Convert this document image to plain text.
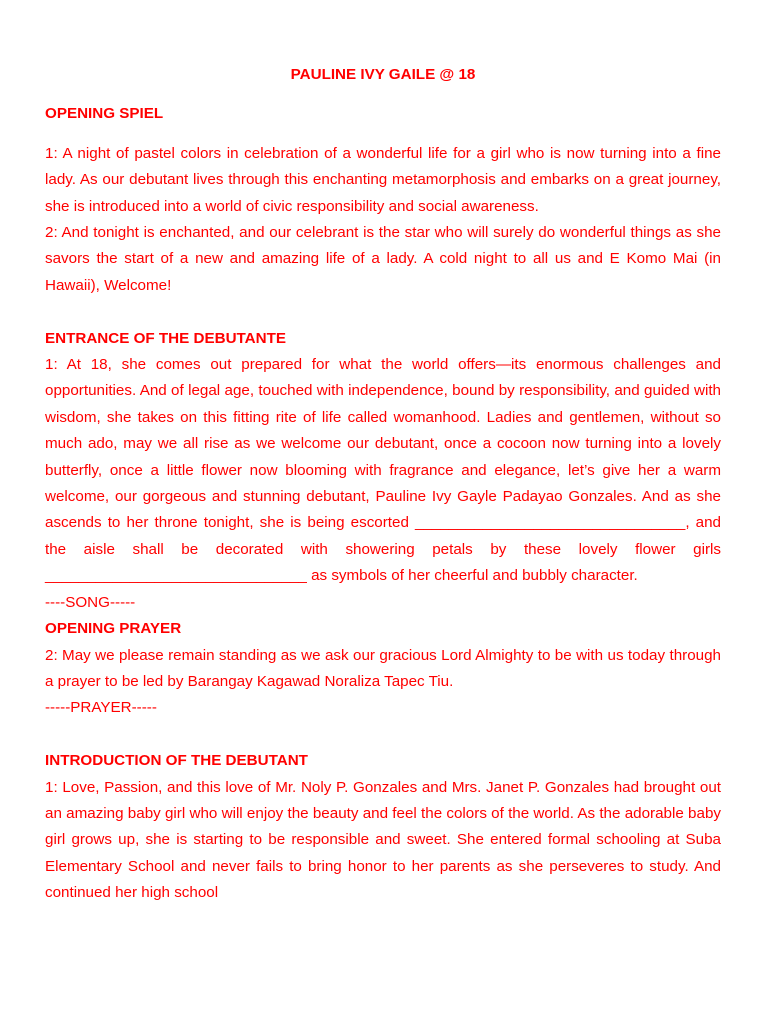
PAULINE IVY GAILE @ 18
OPENING SPIEL

1: A night of pastel colors in celebration of a wonderful life for a girl who is now turning into a fine lady. As our debutant lives through this enchanting metamorphosis and embarks on a great journey, she is introduced into a world of civic responsibility and social awareness.

2: And tonight is enchanted, and our celebrant is the star who will surely do wonderful things as she savors the start of a new and amazing life of a lady. A cold night to all us and E Komo Mai (in Hawaii), Welcome!

ENTRANCE OF THE DEBUTANTE

1: At 18, she comes out prepared for what the world offers—its enormous challenges and opportunities. And of legal age, touched with independence, bound by responsibility, and guided with wisdom, she takes on this fitting rite of life called womanhood. Ladies and gentlemen, without so much ado, may we all rise as we welcome our debutant, once a cocoon now turning into a lovely butterfly, once a little flower now blooming with fragrance and elegance, let’s give her a warm welcome, our gorgeous and stunning debutant, Pauline Ivy Gayle Padayao Gonzales. And as she ascends to her throne tonight, she is being escorted ________________________________, and the aisle shall be decorated with showering petals by these lovely flower girls _______________________________ as symbols of her cheerful and bubbly character.

----SONG-----
OPENING PRAYER

2: May we please remain standing as we ask our gracious Lord Almighty to be with us today through a prayer to be led by Barangay Kagawad Noraliza Tapec Tiu.

-----PRAYER-----
INTRODUCTION OF THE DEBUTANT

1: Love, Passion, and this love of Mr. Noly P. Gonzales and Mrs. Janet P. Gonzales had brought out an amazing baby girl who will enjoy the beauty and feel the colors of the world. As the adorable baby girl grows up, she is starting to be responsible and sweet. She entered formal schooling at Suba Elementary School and never fails to bring honor to her parents as she perseveres to study. And continued her high school
